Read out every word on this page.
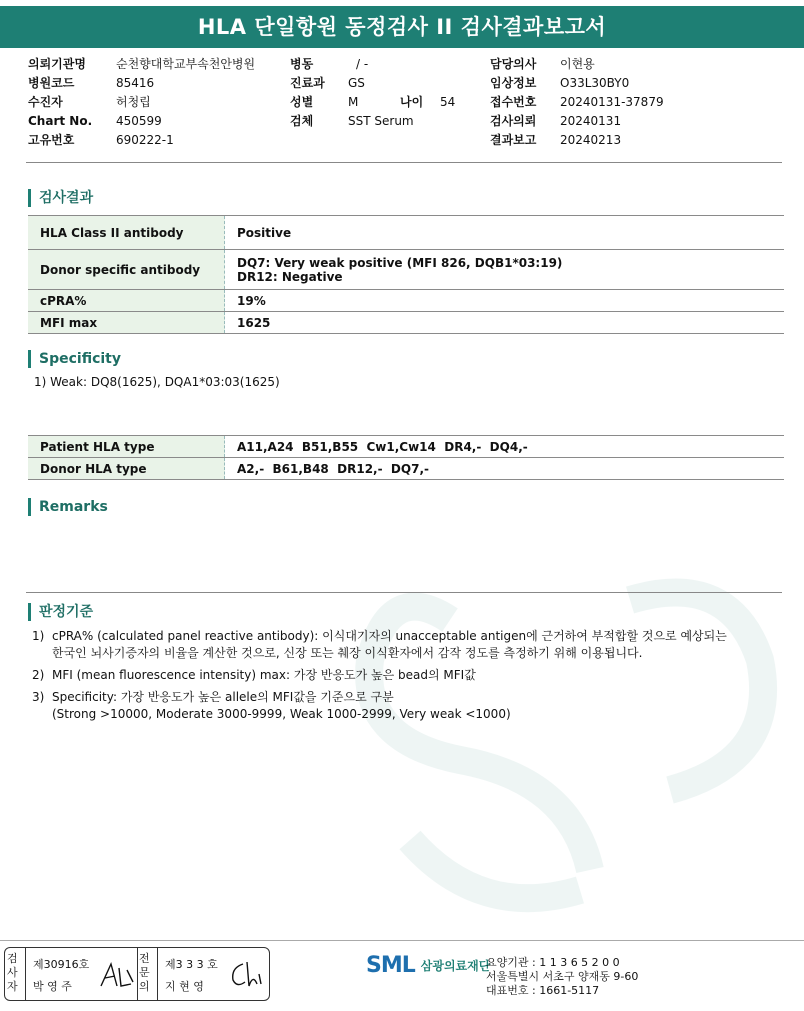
HLA 단일항원 동정검사 II 검사결과보고서
의뢰기관명	순천향대학교부속천안병원
병원코드	85416
수진자	허청립
Chart No. 450599
고유번호	690222-1
병동	/ -
진료과 GS
성별	M	나이 54
검체	SST Serum
담당의사 이현용
임상정보 O33L30BY0
접수번호 20240131-37879
검사의뢰 20240131
결과보고 20240213
검사결과
HLA Class II antibody	Positive
Donor specific antibody	DQ7: Very weak positive (MFI 826, DQB1*03:19)
DR12: Negative

cPRA%	19%
MFI max	1625
Specificity
1) Weak: DQ8(1625), DQA1*03:03(1625)
Patient HLA type	A11,A24  B51,B55  Cw1,Cw14  DR4,-  DQ4,-
Donor HLA type	A2,-  B61,B48  DR12,-  DQ7,-
Remarks
판정기준
1) cPRA% (calculated panel reactive antibody): 이식대기자의 unacceptable antigen에 근거하여 부적합할 것으로 예상되는
한국인 뇌사기증자의 비율을 계산한 것으로, 신장 또는 췌장 이식환자에서 감작 정도를 측정하기 위해 이용됩니다.
2) MFI (mean fluorescence intensity) max: 가장 반응도가 높은 bead의 MFI값
3) Specificity: 가장 반응도가 높은 allele의 MFI값을 기준으로 구분
(Strong >10000, Moderate 3000-9999, Weak 1000-2999, Very weak <1000)
검사자
제30916호
박 영 주
전문의
제3 3 3 호
지 현 영
SML 삼광의료재단
요양기관 : 1 1 3 6 5 2 0 0
서울특별시 서초구 양재동 9-60
대표번호 : 1661-5117
